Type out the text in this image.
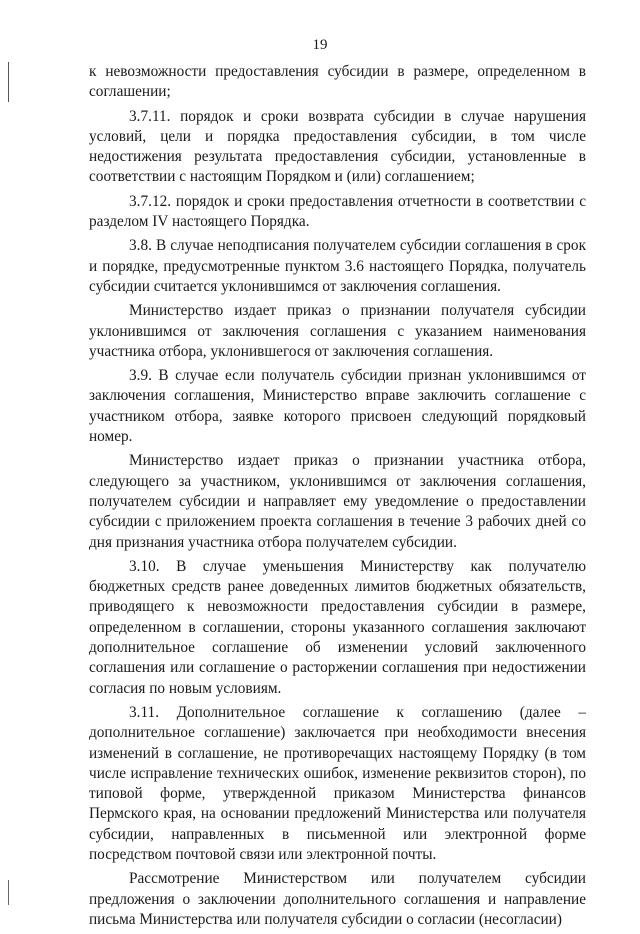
19

к невозможности предоставления субсидии в размере, определенном в соглашении;

3.7.11. порядок и сроки возврата субсидии в случае нарушения условий, цели и порядка предоставления субсидии, в том числе недостижения результата предоставления субсидии, установленные в соответствии с настоящим Порядком и (или) соглашением;

3.7.12. порядок и сроки предоставления отчетности в соответствии с разделом IV настоящего Порядка.

3.8. В случае неподписания получателем субсидии соглашения в срок и порядке, предусмотренные пунктом 3.6 настоящего Порядка, получатель субсидии считается уклонившимся от заключения соглашения.

Министерство издает приказ о признании получателя субсидии уклонившимся от заключения соглашения с указанием наименования участника отбора, уклонившегося от заключения соглашения.

3.9. В случае если получатель субсидии признан уклонившимся от заключения соглашения, Министерство вправе заключить соглашение с участником отбора, заявке которого присвоен следующий порядковый номер.

Министерство издает приказ о признании участника отбора, следующего за участником, уклонившимся от заключения соглашения, получателем субсидии и направляет ему уведомление о предоставлении субсидии с приложением проекта соглашения в течение 3 рабочих дней со дня признания участника отбора получателем субсидии.

3.10. В случае уменьшения Министерству как получателю бюджетных средств ранее доведенных лимитов бюджетных обязательств, приводящего к невозможности предоставления субсидии в размере, определенном в соглашении, стороны указанного соглашения заключают дополнительное соглашение об изменении условий заключенного соглашения или соглашение о расторжении соглашения при недостижении согласия по новым условиям.

3.11. Дополнительное соглашение к соглашению (далее – дополнительное соглашение) заключается при необходимости внесения изменений в соглашение, не противоречащих настоящему Порядку (в том числе исправление технических ошибок, изменение реквизитов сторон), по типовой форме, утвержденной приказом Министерства финансов Пермского края, на основании предложений Министерства или получателя субсидии, направленных в письменной или электронной форме посредством почтовой связи или электронной почты.

Рассмотрение Министерством или получателем субсидии предложения о заключении дополнительного соглашения и направление письма Министерства или получателя субсидии о согласии (несогласии)
